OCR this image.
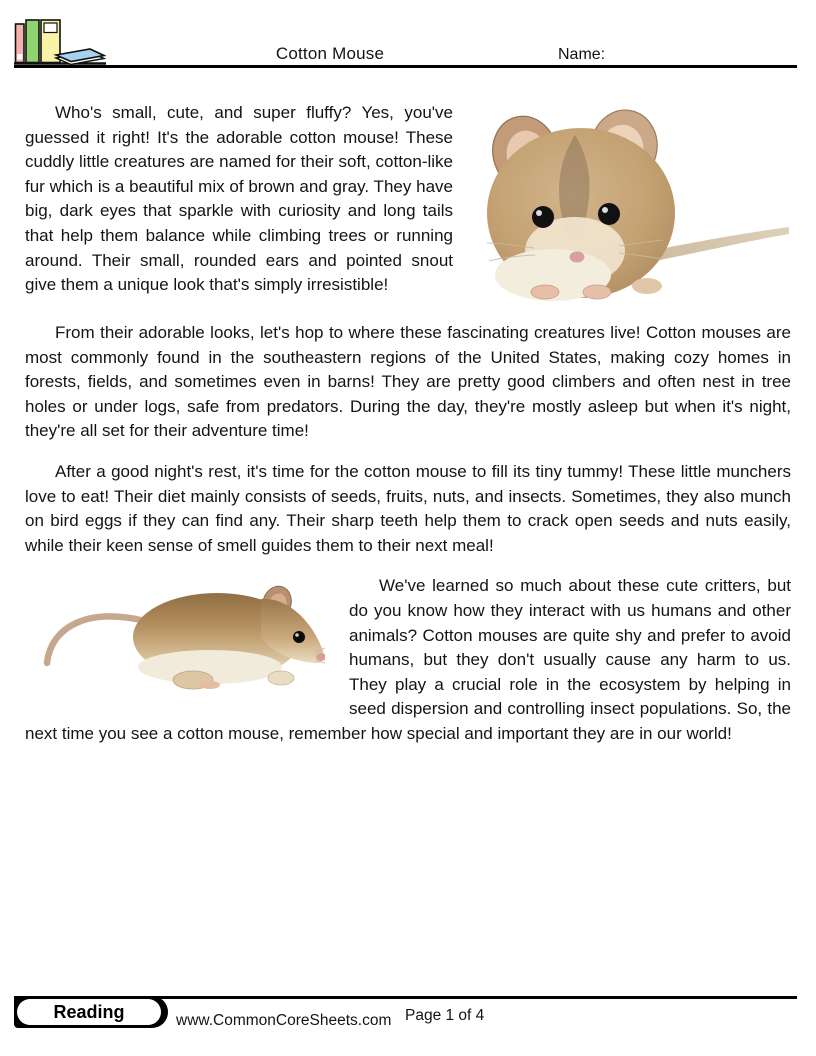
Cotton Mouse	Name:

Who's small, cute, and super fluffy? Yes, you've guessed it right! It's the adorable cotton mouse! These cuddly little creatures are named for their soft, cotton-like fur which is a beautiful mix of brown and gray. They have big, dark eyes that sparkle with curiosity and long tails that help them balance while climbing trees or running around. Their small, rounded ears and pointed snout give them a unique look that's simply irresistible!

From their adorable looks, let's hop to where these fascinating creatures live! Cotton mouses are most commonly found in the southeastern regions of the United States, making cozy homes in forests, fields, and sometimes even in barns! They are pretty good climbers and often nest in tree holes or under logs, safe from predators. During the day, they're mostly asleep but when it's night, they're all set for their adventure time!

After a good night's rest, it's time for the cotton mouse to fill its tiny tummy! These little munchers love to eat! Their diet mainly consists of seeds, fruits, nuts, and insects. Sometimes, they also munch on bird eggs if they can find any. Their sharp teeth help them to crack open seeds and nuts easily, while their keen sense of smell guides them to their next meal!

We've learned so much about these cute critters, but do you know how they interact with us humans and other animals? Cotton mouses are quite shy and prefer to avoid humans, but they don't usually cause any harm to us. They play a crucial role in the ecosystem by helping in seed dispersion and controlling insect populations. So, the next time you see a cotton mouse, remember how special and important they are in our world!

Reading	www.CommonCoreSheets.com Page 1 of 4
